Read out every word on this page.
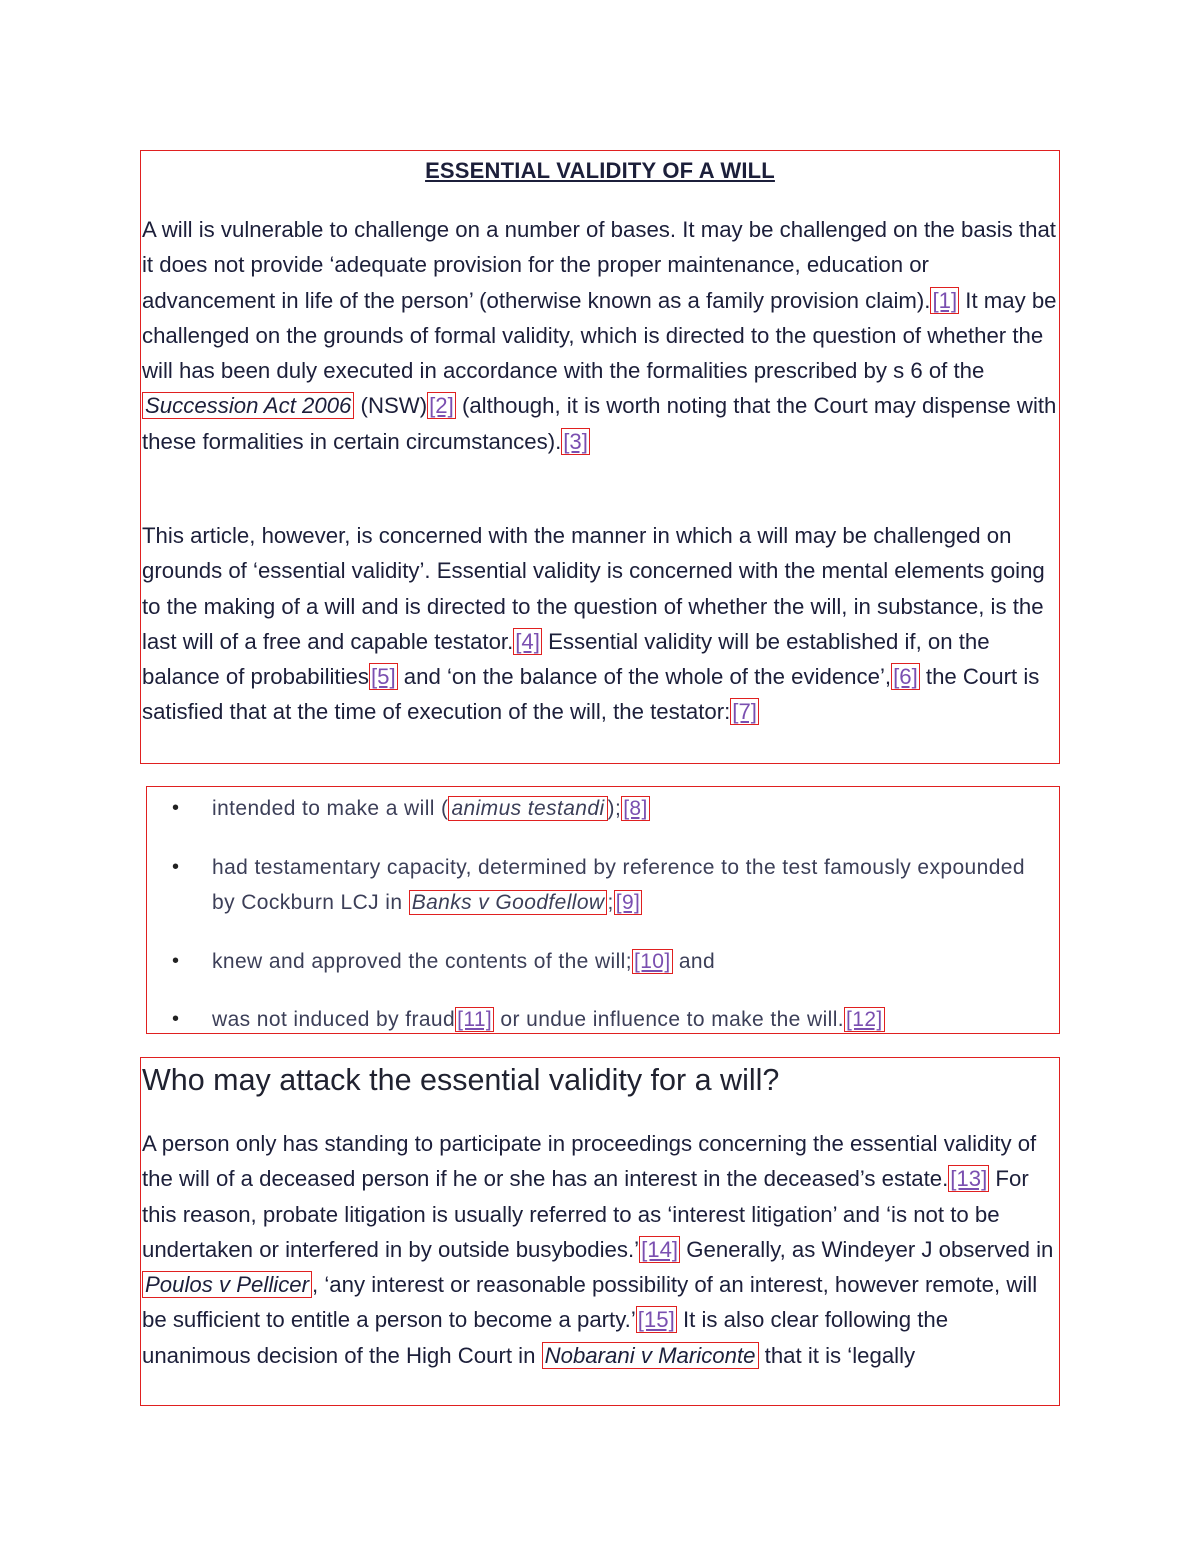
ESSENTIAL VALIDITY OF A WILL

A will is vulnerable to challenge on a number of bases. It may be challenged on the basis that it does not provide ‘adequate provision for the proper maintenance, education or advancement in life of the person’ (otherwise known as a family provision claim).[1] It may be challenged on the grounds of formal validity, which is directed to the question of whether the will has been duly executed in accordance with the formalities prescribed by s 6 of the Succession Act 2006 (NSW)[2] (although, it is worth noting that the Court may dispense with these formalities in certain circumstances).[3]

This article, however, is concerned with the manner in which a will may be challenged on grounds of ‘essential validity’. Essential validity is concerned with the mental elements going to the making of a will and is directed to the question of whether the will, in substance, is the last will of a free and capable testator.[4] Essential validity will be established if, on the balance of probabilities[5] and ‘on the balance of the whole of the evidence’,[6] the Court is satisfied that at the time of execution of the will, the testator:[7]

• intended to make a will ( animus testandi );[8]
• had testamentary capacity, determined by reference to the test famously expounded by Cockburn LCJ in Banks v Goodfellow ;[9]
• knew and approved the contents of the will;[10] and
• was not induced by fraud[11] or undue influence to make the will.[12]
Who may attack the essential validity for a will?

A person only has standing to participate in proceedings concerning the essential validity of the will of a deceased person if he or she has an interest in the deceased’s estate.[13] For this reason, probate litigation is usually referred to as ‘interest litigation’ and ‘is not to be undertaken or interfered in by outside busybodies.’[14] Generally, as Windeyer J observed in Poulos v Pellicer , ‘any interest or reasonable possibility of an interest, however remote, will be sufficient to entitle a person to become a party.’[15] It is also clear following the unanimous decision of the High Court in Nobarani v Mariconte that it is ‘legally
